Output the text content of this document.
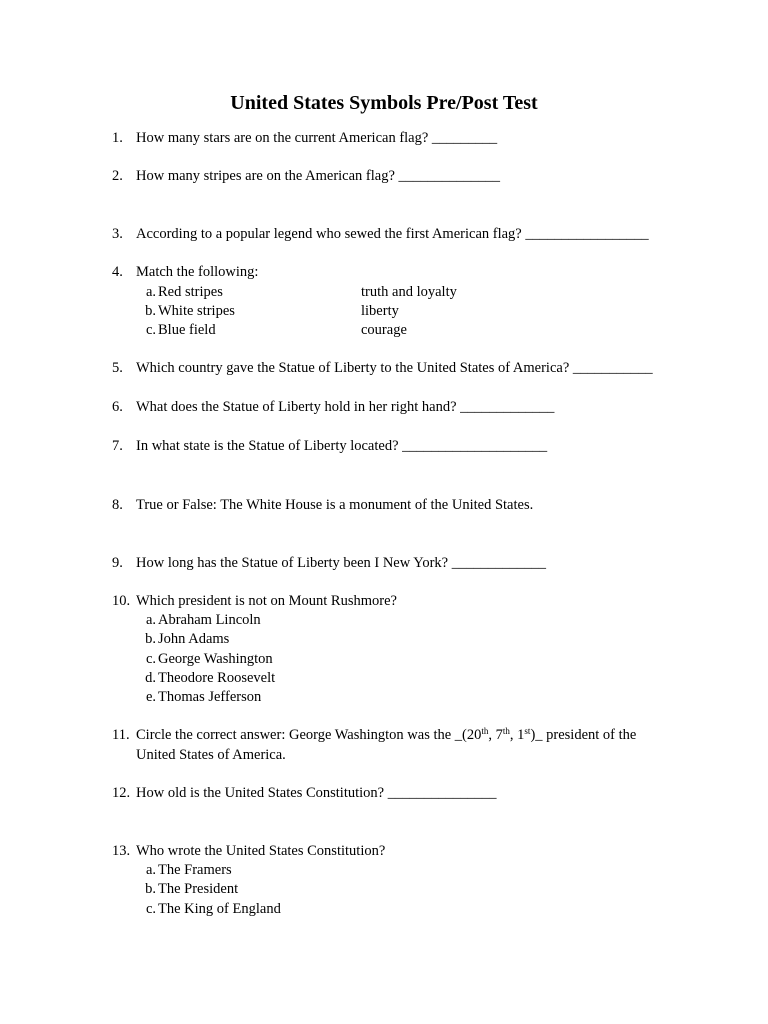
United States Symbols Pre/Post Test
1. How many stars are on the current American flag? _________
2. How many stripes are on the American flag? ______________
3. According to a popular legend who sewed the first American flag? _________________
4. Match the following:
a. Red stripes	truth and loyalty
b. White stripes	liberty
c. Blue field	courage
5. Which country gave the Statue of Liberty to the United States of America? ___________
6. What does the Statue of Liberty hold in her right hand? _____________
7. In what state is the Statue of Liberty located? ____________________
8. True or False: The White House is a monument of the United States.
9. How long has the Statue of Liberty been I New York? _____________
10. Which president is not on Mount Rushmore?
a. Abraham Lincoln
b. John Adams
c. George Washington
d. Theodore Roosevelt
e. Thomas Jefferson
11. Circle the correct answer: George Washington was the _(20th, 7th, 1st)_ president of the
United States of America.
12. How old is the United States Constitution? _______________
13. Who wrote the United States Constitution?
a. The Framers
b. The President
c. The King of England
